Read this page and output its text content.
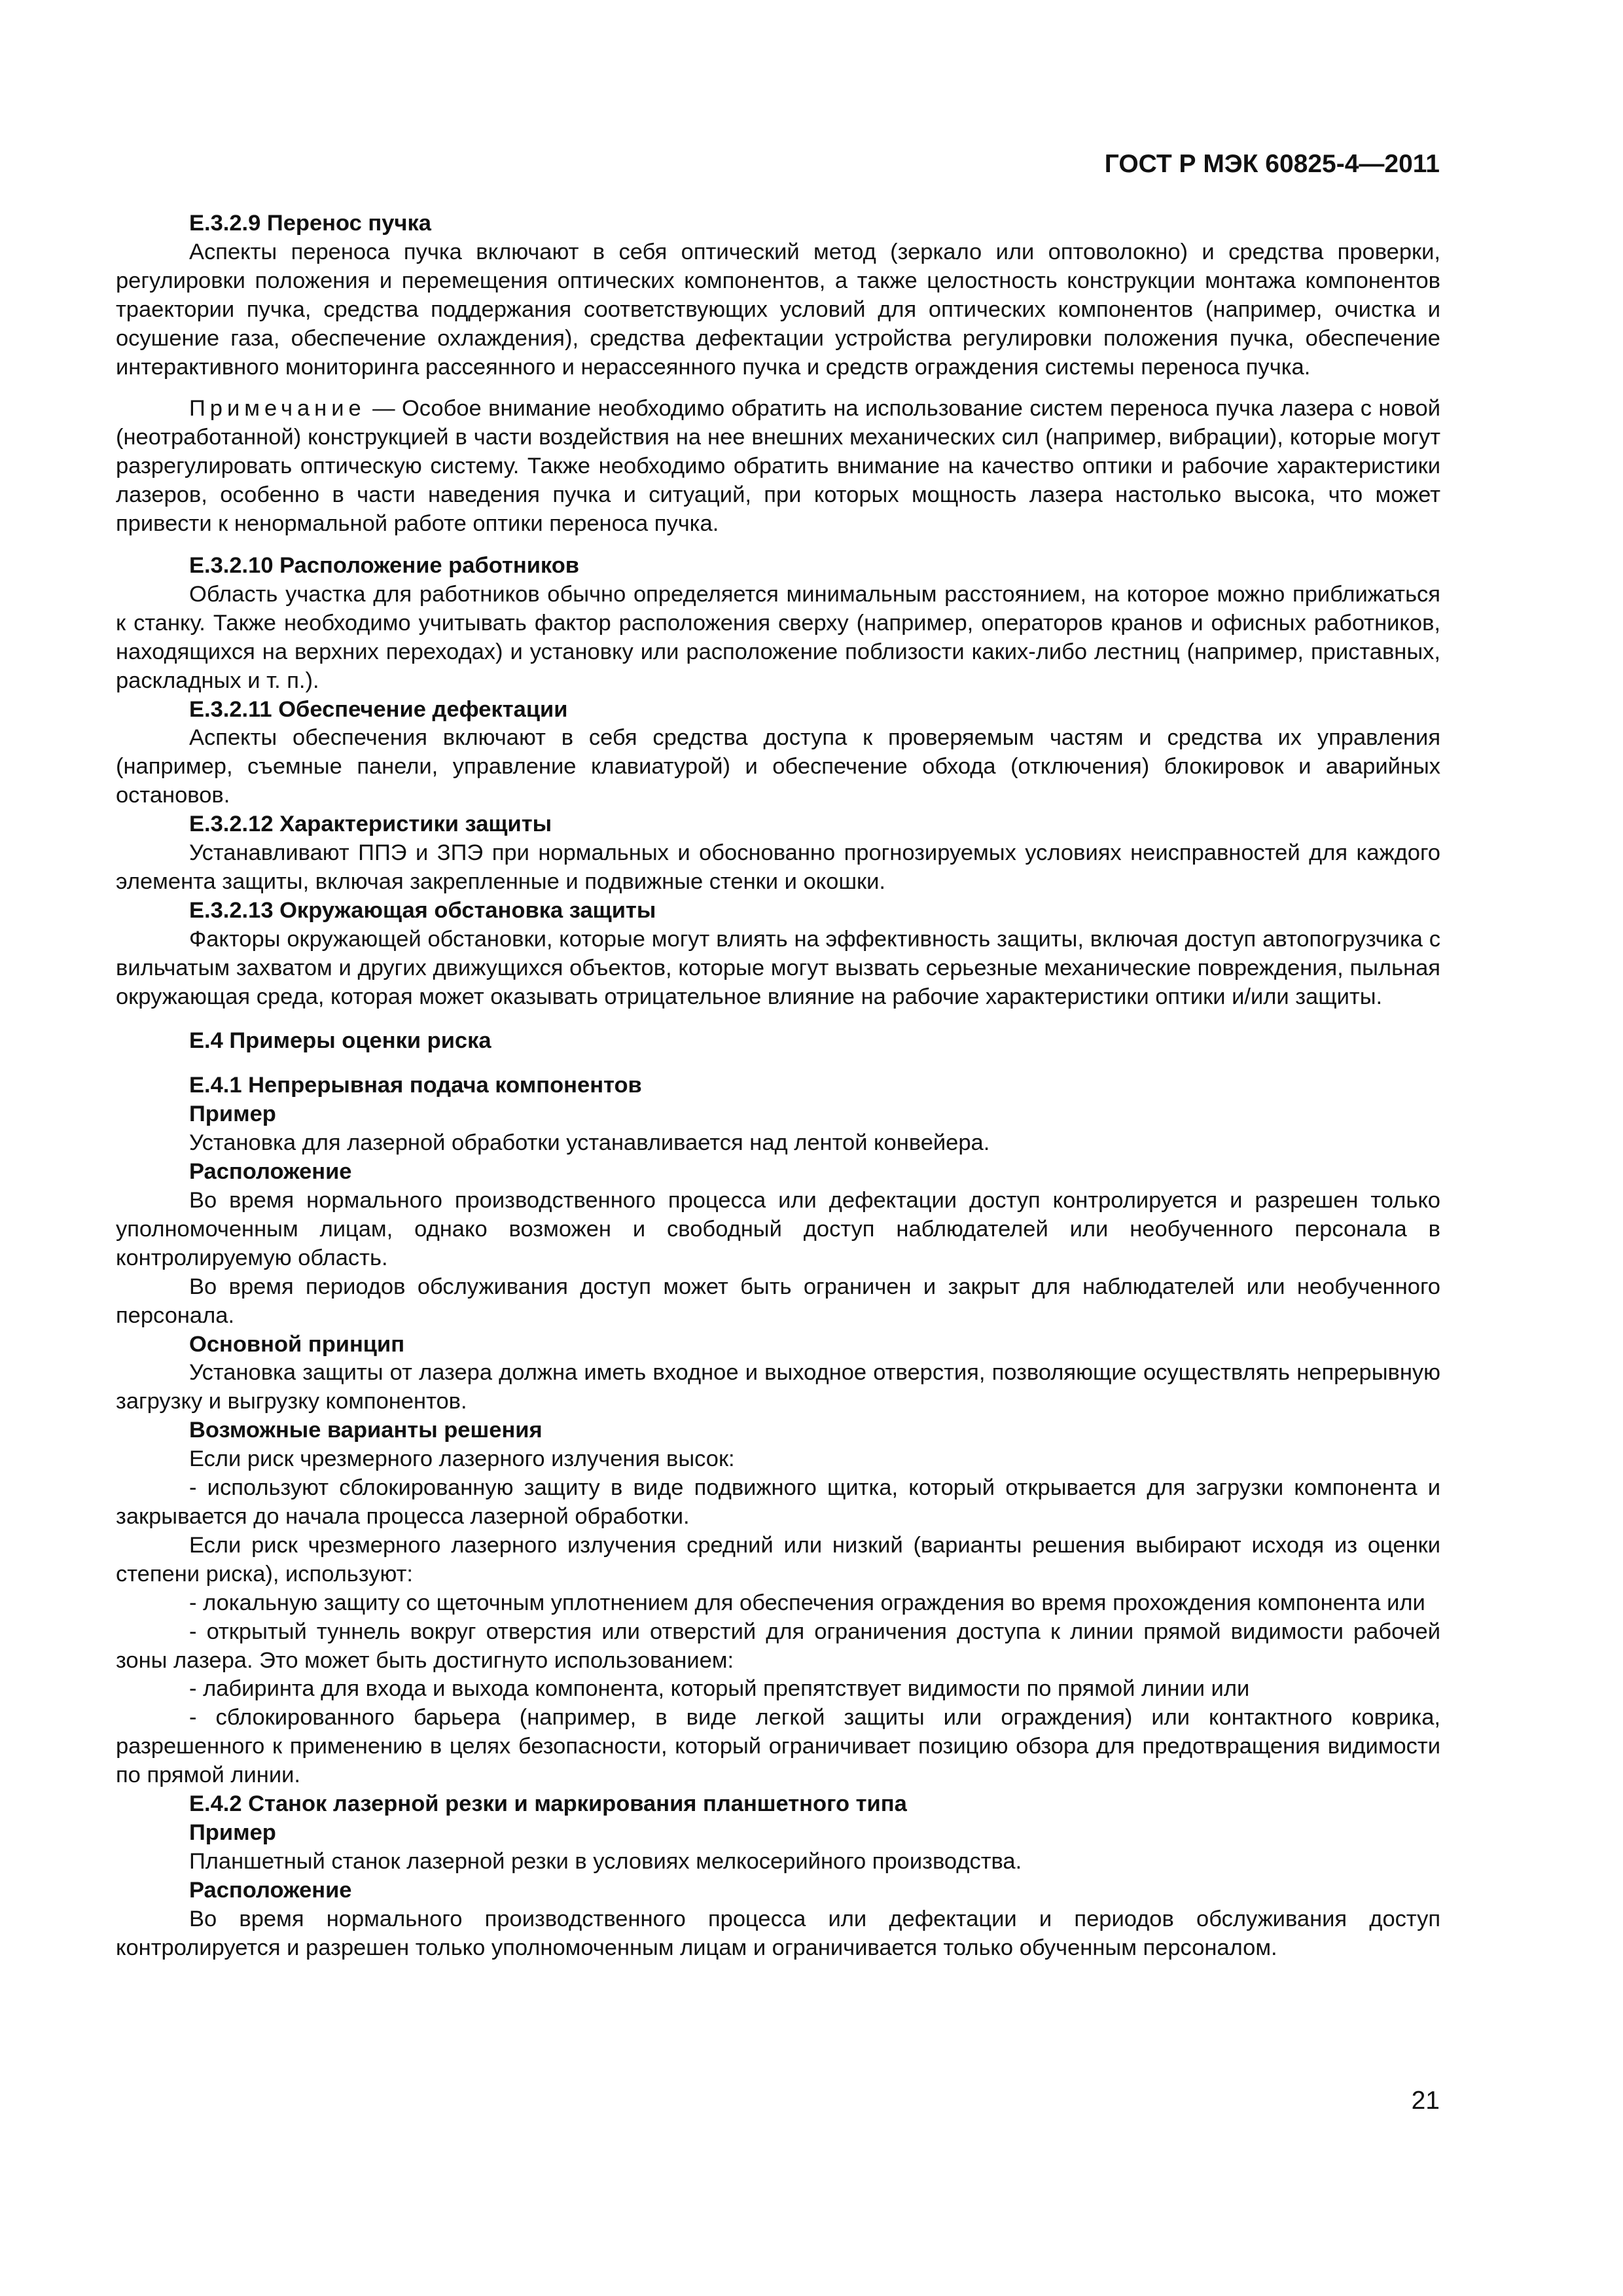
ГОСТ Р МЭК 60825-4—2011

Е.3.2.9 Перенос пучка

Аспекты переноса пучка включают в себя оптический метод (зеркало или оптоволокно) и средства проверки, регулировки положения и перемещения оптических компонентов, а также целостность конструкции монтажа компонентов траектории пучка, средства поддержания соответствующих условий для оптических компонентов (например, очистка и осушение газа, обеспечение охлаждения), средства дефектации устройства регулировки положения пучка, обеспечение интерактивного мониторинга рассеянного и нерассеянного пучка и средств ограждения системы переноса пучка.

Примечание — Особое внимание необходимо обратить на использование систем переноса пучка лазера с новой (неотработанной) конструкцией в части воздействия на нее внешних механических сил (например, вибрации), которые могут разрегулировать оптическую систему. Также необходимо обратить внимание на качество оптики и рабочие характеристики лазеров, особенно в части наведения пучка и ситуаций, при которых мощность лазера настолько высока, что может привести к ненормальной работе оптики переноса пучка.

Е.3.2.10 Расположение работников

Область участка для работников обычно определяется минимальным расстоянием, на которое можно приближаться к станку. Также необходимо учитывать фактор расположения сверху (например, операторов кранов и офисных работников, находящихся на верхних переходах) и установку или расположение поблизости каких-либо лестниц (например, приставных, раскладных и т. п.).

Е.3.2.11 Обеспечение дефектации

Аспекты обеспечения включают в себя средства доступа к проверяемым частям и средства их управления (например, съемные панели, управление клавиатурой) и обеспечение обхода (отключения) блокировок и аварийных остановов.

Е.3.2.12 Характеристики защиты

Устанавливают ППЭ и ЗПЭ при нормальных и обоснованно прогнозируемых условиях неисправностей для каждого элемента защиты, включая закрепленные и подвижные стенки и окошки.

Е.3.2.13 Окружающая обстановка защиты

Факторы окружающей обстановки, которые могут влиять на эффективность защиты, включая доступ автопогрузчика с вильчатым захватом и других движущихся объектов, которые могут вызвать серьезные механические повреждения, пыльная окружающая среда, которая может оказывать отрицательное влияние на рабочие характеристики оптики и/или защиты.

Е.4 Примеры оценки риска

Е.4.1 Непрерывная подача компонентов

Пример

Установка для лазерной обработки устанавливается над лентой конвейера.

Расположение

Во время нормального производственного процесса или дефектации доступ контролируется и разрешен только уполномоченным лицам, однако возможен и свободный доступ наблюдателей или необученного персонала в контролируемую область.

Во время периодов обслуживания доступ может быть ограничен и закрыт для наблюдателей или необученного персонала.

Основной принцип

Установка защиты от лазера должна иметь входное и выходное отверстия, позволяющие осуществлять непрерывную загрузку и выгрузку компонентов.

Возможные варианты решения

Если риск чрезмерного лазерного излучения высок:

- используют сблокированную защиту в виде подвижного щитка, который открывается для загрузки компонента и закрывается до начала процесса лазерной обработки.

Если риск чрезмерного лазерного излучения средний или низкий (варианты решения выбирают исходя из оценки степени риска), используют:

- локальную защиту со щеточным уплотнением для обеспечения ограждения во время прохождения компонента или

- открытый туннель вокруг отверстия или отверстий для ограничения доступа к линии прямой видимости рабочей зоны лазера. Это может быть достигнуто использованием:

- лабиринта для входа и выхода компонента, который препятствует видимости по прямой линии или

- сблокированного барьера (например, в виде легкой защиты или ограждения) или контактного коврика, разрешенного к применению в целях безопасности, который ограничивает позицию обзора для предотвращения видимости по прямой линии.

Е.4.2 Станок лазерной резки и маркирования планшетного типа

Пример

Планшетный станок лазерной резки в условиях мелкосерийного производства.

Расположение

Во время нормального производственного процесса или дефектации и периодов обслуживания доступ контролируется и разрешен только уполномоченным лицам и ограничивается только обученным персоналом.

21
